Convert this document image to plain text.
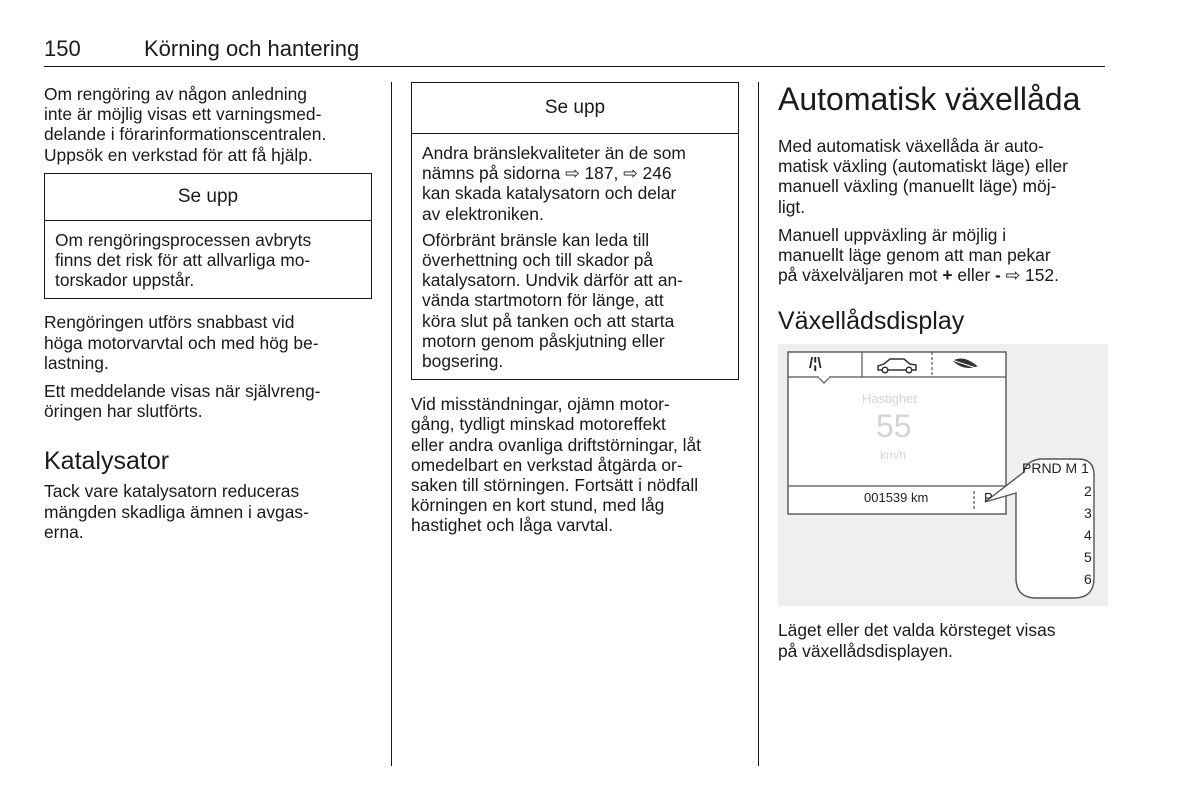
150	Körning och hantering

Om rengöring av någon anledning
inte är möjlig visas ett varningsmed‐
delande i förarinformationscentralen.
Uppsök en verkstad för att få hjälp.

Se upp

Om rengöringsprocessen avbryts
finns det risk för att allvarliga mo‐
torskador uppstår.

Rengöringen utförs snabbast vid
höga motorvarvtal och med hög be‐
lastning.

Ett meddelande visas när självreng‐
öringen har slutförts.

Katalysator

Tack vare katalysatorn reduceras
mängden skadliga ämnen i avgas‐
erna.

Se upp

Andra bränslekvaliteter än de som
nämns på sidorna ⇨ 187, ⇨ 246
kan skada katalysatorn och delar
av elektroniken.

Oförbränt bränsle kan leda till
överhettning och till skador på
katalysatorn. Undvik därför att an‐
vända startmotorn för länge, att
köra slut på tanken och att starta
motorn genom påskjutning eller
bogsering.

Vid misständningar, ojämn motor‐
gång, tydligt minskad motoreffekt
eller andra ovanliga driftstörningar, låt
omedelbart en verkstad åtgärda or‐
saken till störningen. Fortsätt i nödfall
körningen en kort stund, med låg
hastighet och låga varvtal.

Automatisk växellåda

Med automatisk växellåda är auto‐
matisk växling (automatiskt läge) eller
manuell växling (manuellt läge) möj‐
ligt.

Manuell uppväxling är möjlig i
manuellt läge genom att man pekar
på växelväljaren mot + eller - ⇨ 152.

Växellådsdisplay
/¦\
Hastighet
55
km/h
001539 km	P
PRND M 1
2
3
4
5
6

Läget eller det valda körsteget visas
på växellådsdisplayen.
